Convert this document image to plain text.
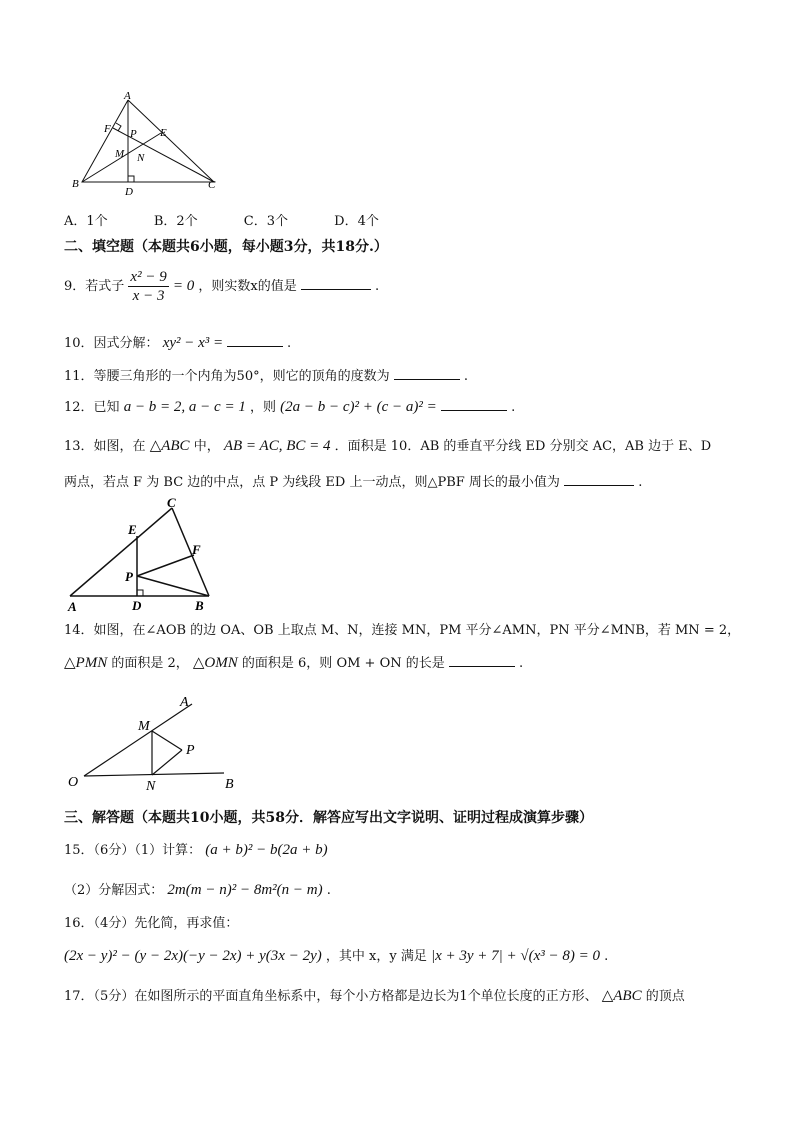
A
B	C
D
E
F P
M N
A．1个	B．2个	C．3个	D．4个
二、填空题（本题共6小题，每小题3分，共18分.）
9．若式子 $\frac{\text{x² − 9}}{x - 3} = 0$ ，则实数x的值是	.
10．因式分解： xy² − x³ =	.
11．等腰三角形的一个内角为50°，则它的顶角的度数为	.
12．已知 a − b = 2, a − c = 1 ，则 (2a − b − c)² + (c − a)² =	.
13．如图，在 △ABC 中， AB = AC, BC = 4 ．面积是 10．AB 的垂直平分线 ED 分别交 AC，AB 边于 E、D
两点，若点 F 为 BC 边的中点，点 P 为线段 ED 上一动点，则△PBF 周长的最小值为	.
C
E
F
P
A	D	B
14．如图，在∠AOB 的边 OA、OB 上取点 M、N，连接 MN，PM 平分∠AMN，PN 平分∠MNB，若 MN = 2，
△PMN 的面积是 2， △OMN 的面积是 6，则 OM + ON 的长是	.
M
A
P
O	N	B
三、解答题（本题共10小题，共58分．解答应写出文字说明、证明过程成演算步骤）
15．（6分）（1）计算： (a + b)² − b(2a + b)
（2）分解因式： 2m(m − n)² − 8m²(n − m) .
16．（4分）先化简，再求值：
(2x − y)² − (y − 2x)(−y − 2x) + y(3x − 2y) ，其中 x，y 满足 |x + 3y + 7| + √(x³ − 8) = 0 .
17．（5分）在如图所示的平面直角坐标系中，每个小方格都是边长为1个单位长度的正方形、 △ABC 的顶点
